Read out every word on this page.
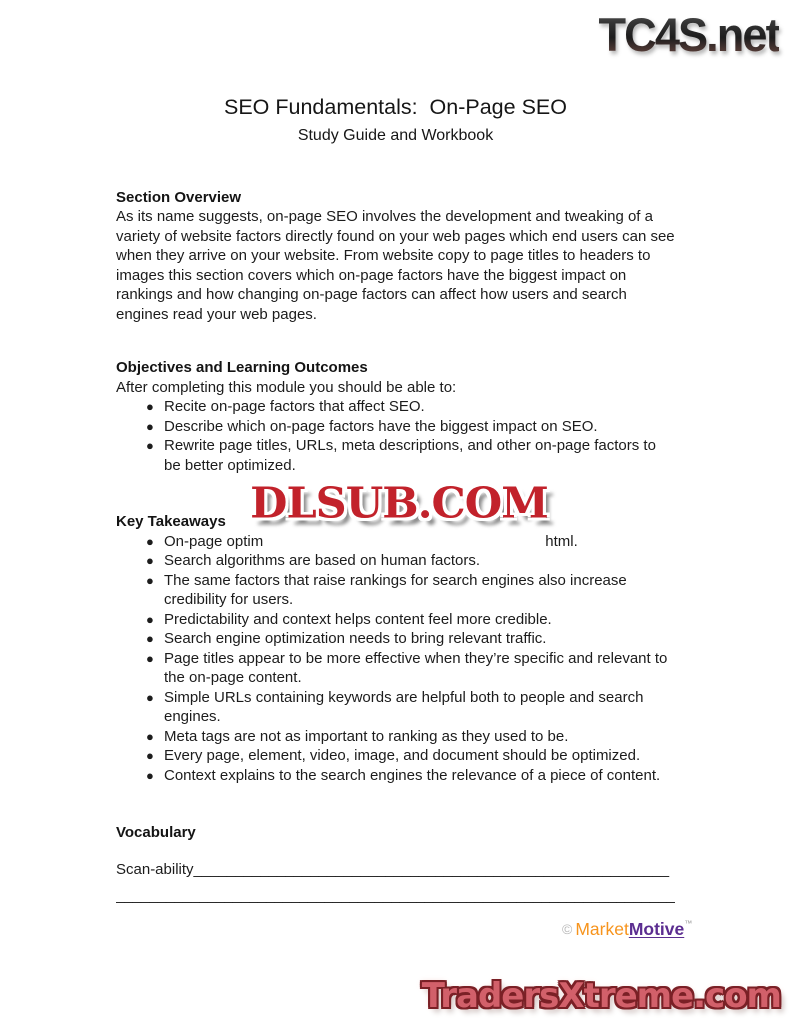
TC4S.net
SEO Fundamentals:  On-Page SEO
Study Guide and Workbook
Section Overview

As its name suggests, on-page SEO involves the development and tweaking of a variety of website factors directly found on your web pages which end users can see when they arrive on your website. From website copy to page titles to headers to images this section covers which on-page factors have the biggest impact on rankings and how changing on-page factors can affect how users and search engines read your web pages.

Objectives and Learning Outcomes

After completing this module you should be able to:

● Recite on-page factors that affect SEO.
● Describe which on-page factors have the biggest impact on SEO.
● Rewrite page titles, URLs, meta descriptions, and other on-page factors to be better optimized.
Key Takeaways
● On-page optim	html.
● Search algorithms are based on human factors.
● The same factors that raise rankings for search engines also increase credibility for users.
● Predictability and context helps content feel more credible.
● Search engine optimization needs to bring relevant traffic.
● Page titles appear to be more effective when they’re specific and relevant to the on-page content.
● Simple URLs containing keywords are helpful both to people and search engines.
● Meta tags are not as important to ranking as they used to be.
● Every page, element, video, image, and document should be optimized.
● Context explains to the search engines the relevance of a piece of content.
Vocabulary
Scan-ability_________________________________________________________
___________________________________________________________________
DLSUB.COM
© MarketMotive™
TradersXtreme.com
